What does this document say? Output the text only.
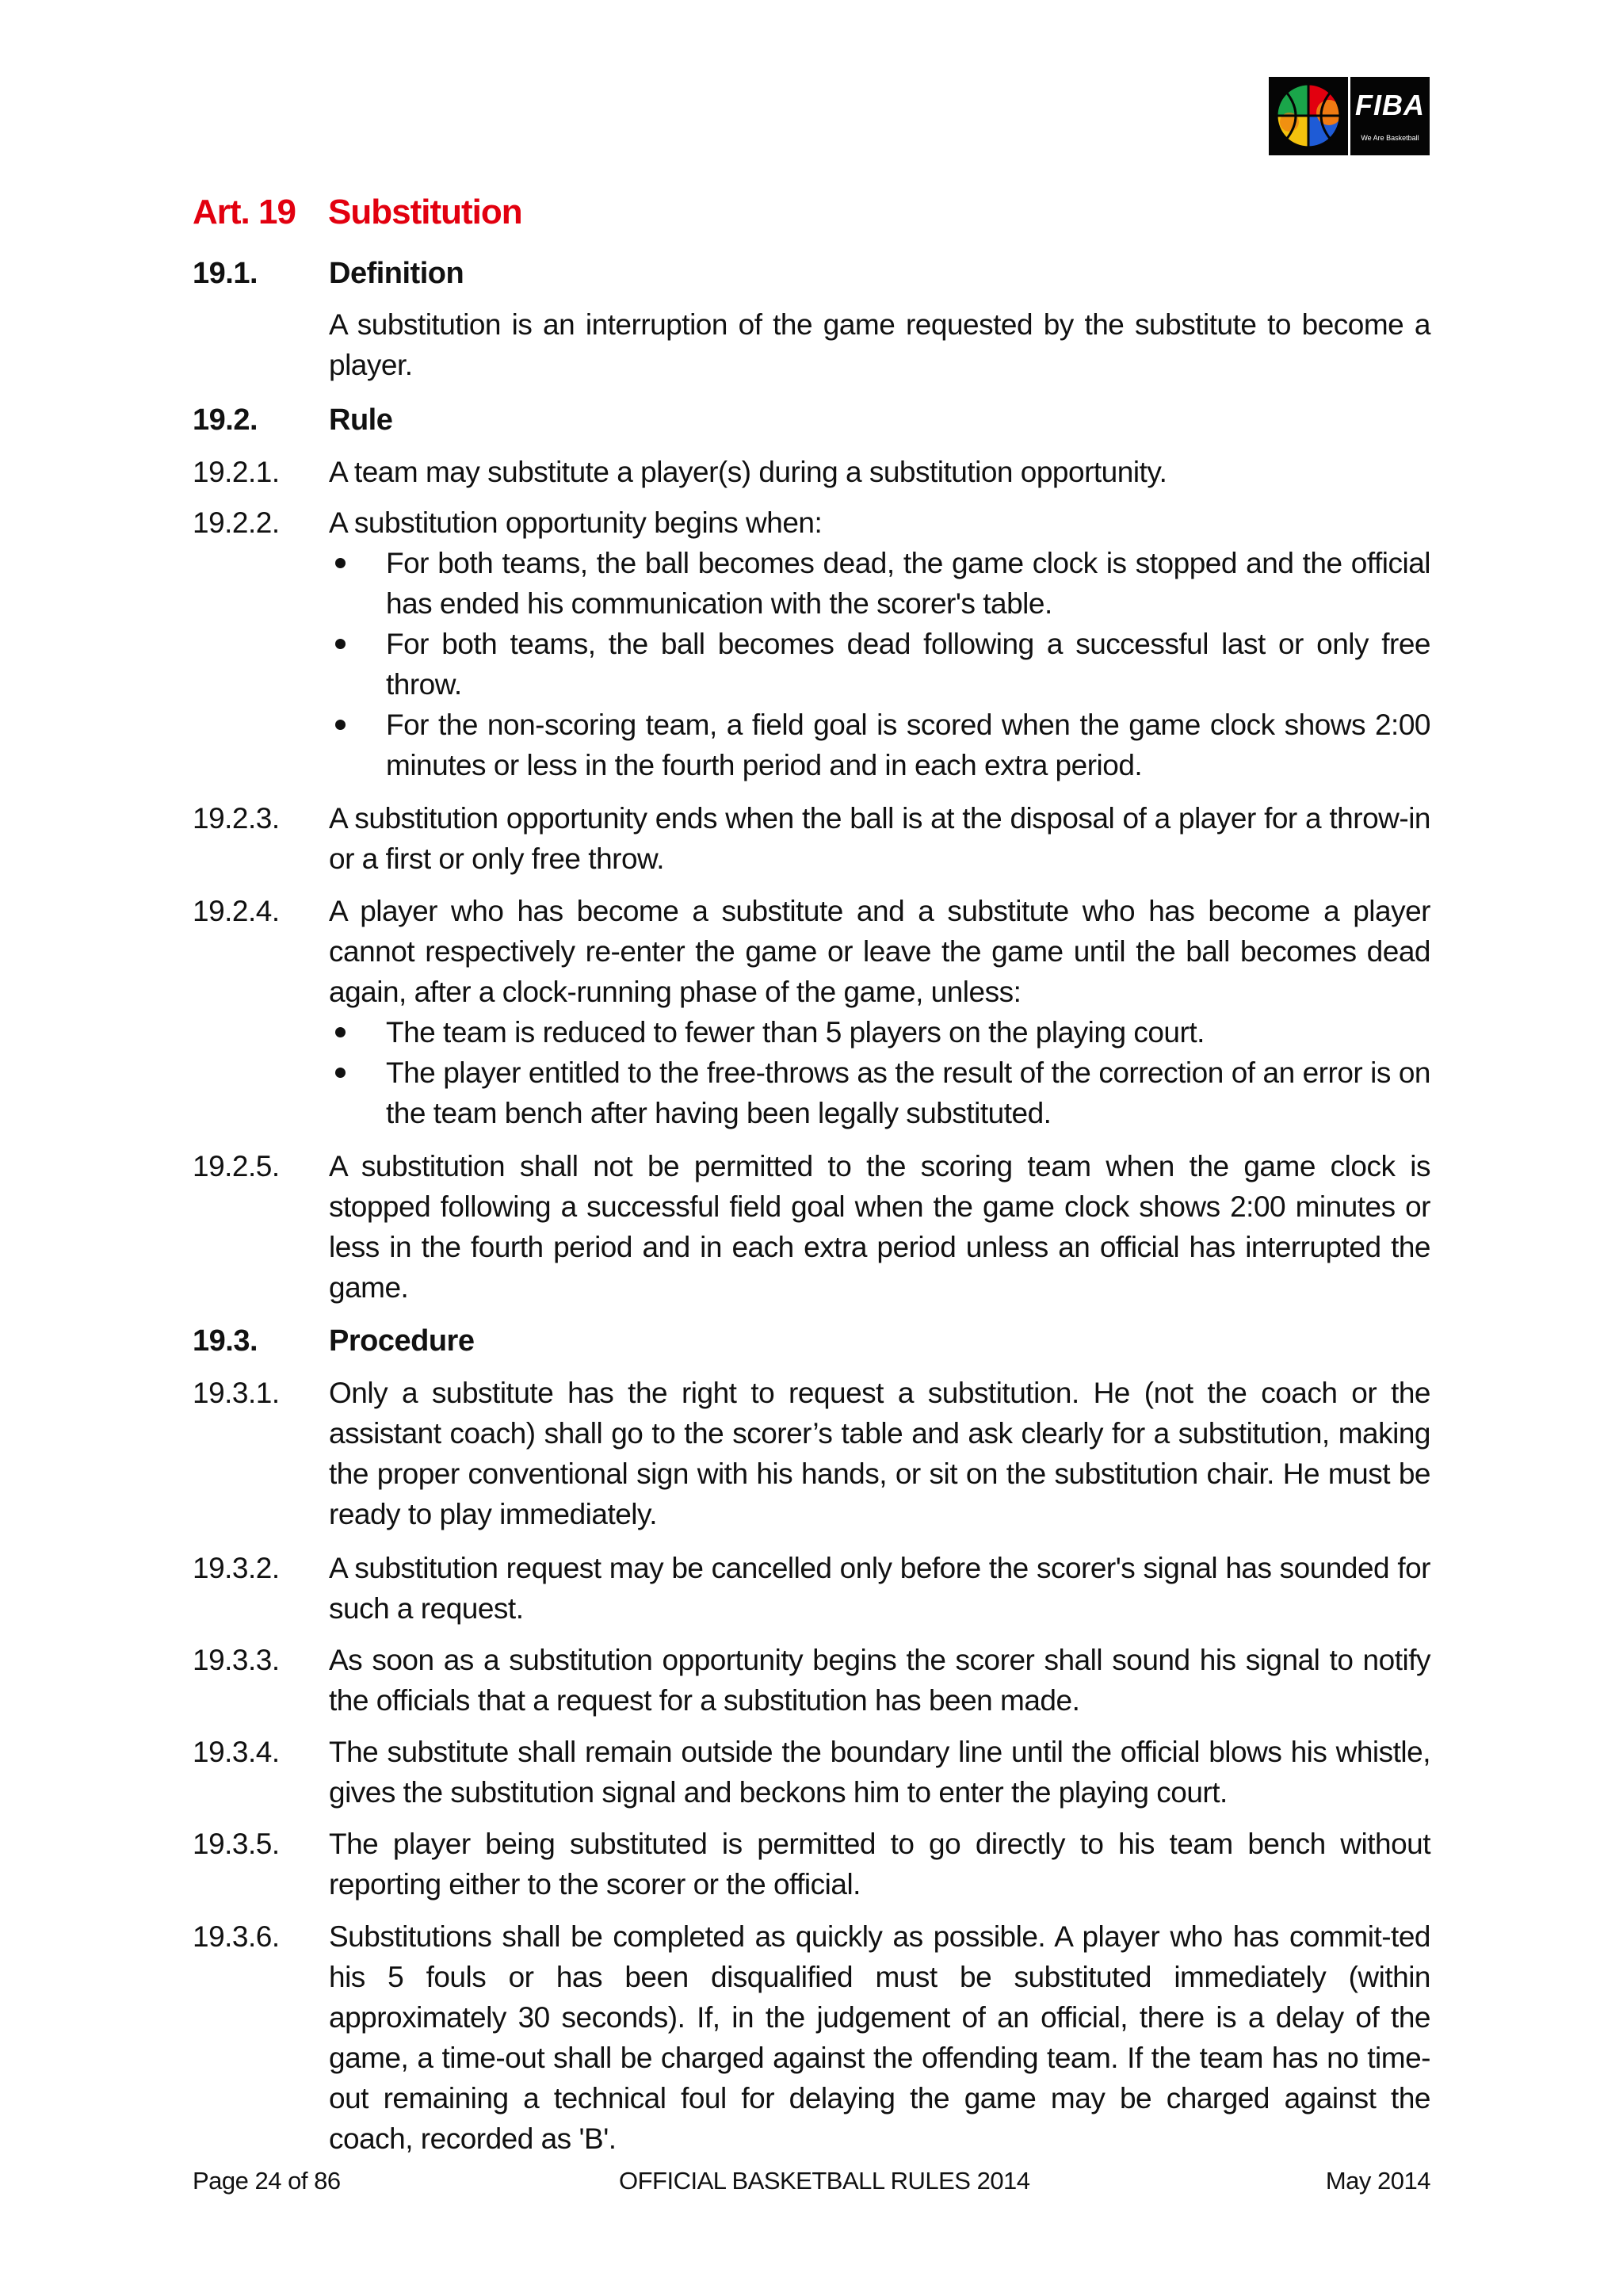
FIBA
We Are Basketball
Art. 19 Substitution
19.1.	Definition
A substitution is an interruption of the game requested by the substitute to become a player.
19.2.	Rule
19.2.1.	A team may substitute a player(s) during a substitution opportunity.
19.2.2.	A substitution opportunity begins when:
For both teams, the ball becomes dead, the game clock is stopped and the official has ended his communication with the scorer's table.
For both teams, the ball becomes dead following a successful last or only free throw.
For the non-scoring team, a field goal is scored when the game clock shows 2:00 minutes or less in the fourth period and in each extra period.
19.2.3.	A substitution opportunity ends when the ball is at the disposal of a player for a throw-in or a first or only free throw.
19.2.4.	A player who has become a substitute and a substitute who has become a player cannot respectively re-enter the game or leave the game until the ball becomes dead again, after a clock-running phase of the game, unless:
The team is reduced to fewer than 5 players on the playing court.
The player entitled to the free-throws as the result of the correction of an error is on the team bench after having been legally substituted.
19.2.5.	A substitution shall not be permitted to the scoring team when the game clock is stopped following a successful field goal when the game clock shows 2:00 minutes or less in the fourth period and in each extra period unless an official has interrupted the game.
19.3.	Procedure
19.3.1.	Only a substitute has the right to request a substitution. He (not the coach or the assistant coach) shall go to the scorer’s table and ask clearly for a substitution, making the proper conventional sign with his hands, or sit on the substitution chair. He must be ready to play immediately.
19.3.2.	A substitution request may be cancelled only before the scorer's signal has sounded for such a request.
19.3.3.	As soon as a substitution opportunity begins the scorer shall sound his signal to notify the officials that a request for a substitution has been made.
19.3.4.	The substitute shall remain outside the boundary line until the official blows his whistle, gives the substitution signal and beckons him to enter the playing court.
19.3.5.	The player being substituted is permitted to go directly to his team bench without reporting either to the scorer or the official.
19.3.6.	Substitutions shall be completed as quickly as possible. A player who has commit-ted his 5 fouls or has been disqualified must be substituted immediately (within approximately 30 seconds). If, in the judgement of an official, there is a delay of the game, a time-out shall be charged against the offending team. If the team has no time-out remaining a technical foul for delaying the game may be charged against the coach, recorded as 'B'.
Page 24 of 86	OFFICIAL BASKETBALL RULES 2014	May 2014
